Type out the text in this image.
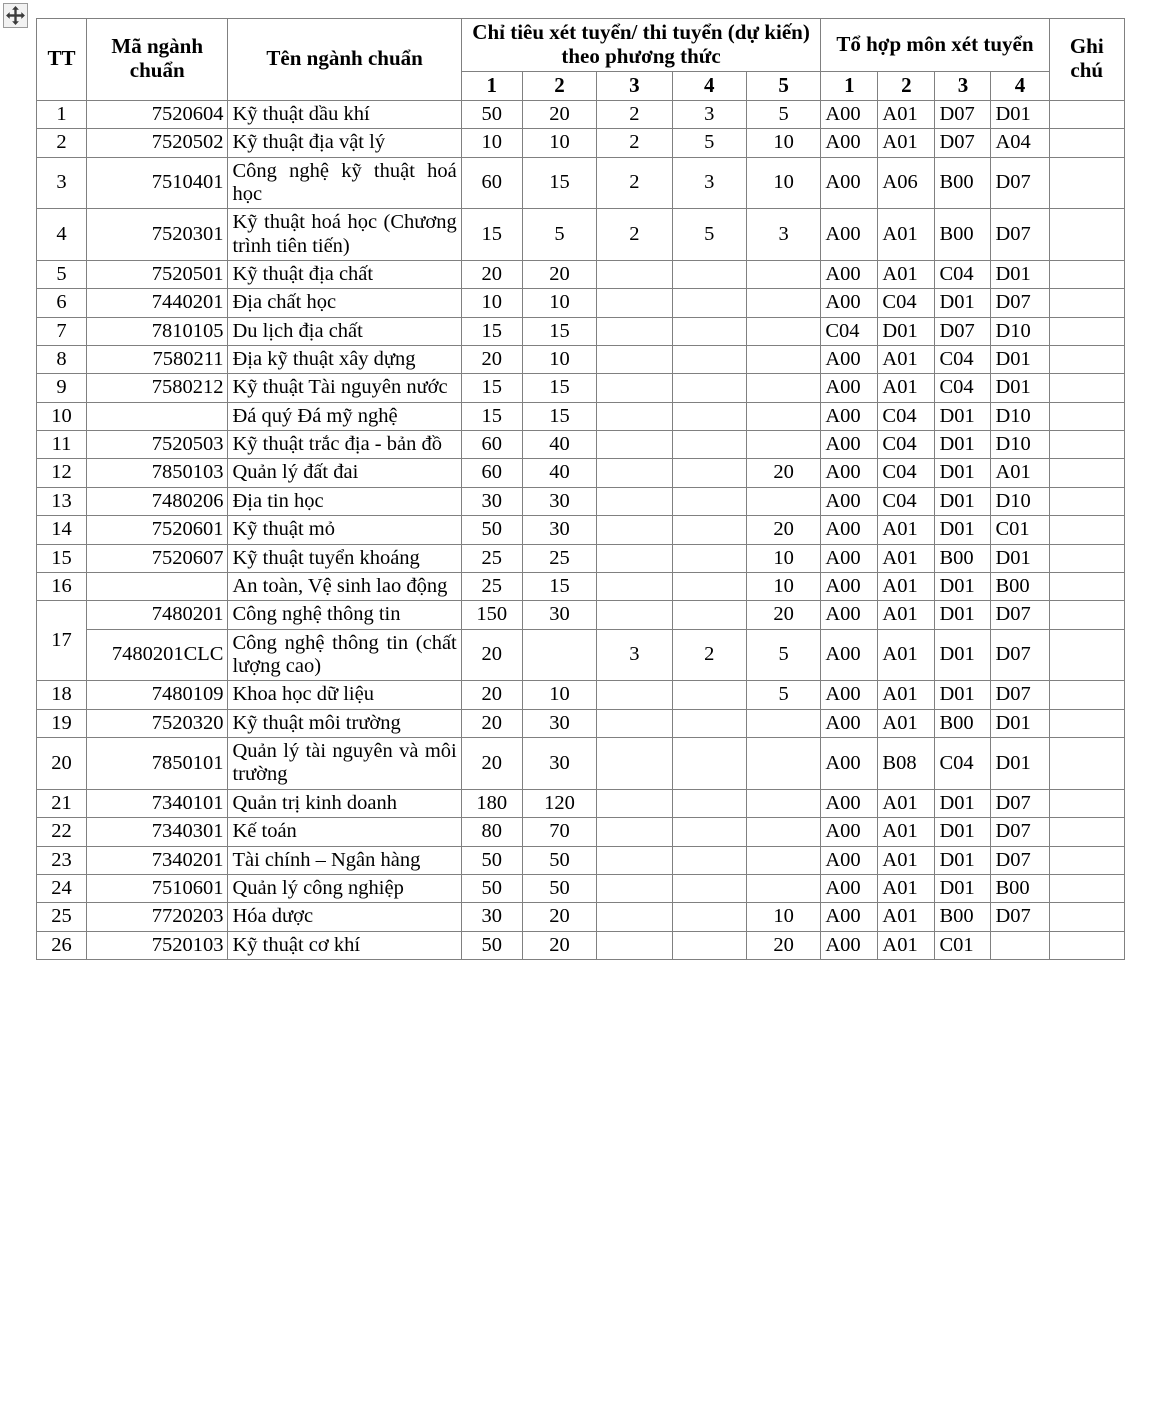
TT	Mã ngành chuẩn	Tên ngành chuẩn	Chỉ tiêu xét tuyển/ thi tuyển (dự kiến) theo phương thức					Tổ hợp môn xét tuyển				Ghi chú
			1	2	3	4	5	1	2	3	4	
1	7520604	Kỹ thuật dầu khí	50	20	2	3	5	A00	A01	D07	D01	
2	7520502	Kỹ thuật địa vật lý	10	10	2	5	10	A00	A01	D07	A04	
3	7510401	Công nghệ kỹ thuật hoá học	60	15	2	3	10	A00	A06	B00	D07	
4	7520301	Kỹ thuật hoá học (Chương trình tiên tiến)	15	5	2	5	3	A00	A01	B00	D07	
5	7520501	Kỹ thuật địa chất	20	20				A00	A01	C04	D01	
6	7440201	Địa chất học	10	10				A00	C04	D01	D07	
7	7810105	Du lịch địa chất	15	15				C04	D01	D07	D10	
8	7580211	Địa kỹ thuật xây dựng	20	10				A00	A01	C04	D01	
9	7580212	Kỹ thuật Tài nguyên nước	15	15				A00	A01	C04	D01	
10		Đá quý Đá mỹ nghệ	15	15				A00	C04	D01	D10	
11	7520503	Kỹ thuật trắc địa - bản đồ	60	40				A00	C04	D01	D10	
12	7850103	Quản lý đất đai	60	40			20	A00	C04	D01	A01	
13	7480206	Địa tin học	30	30				A00	C04	D01	D10	
14	7520601	Kỹ thuật mỏ	50	30			20	A00	A01	D01	C01	
15	7520607	Kỹ thuật tuyển khoáng	25	25			10	A00	A01	B00	D01	
16		An toàn, Vệ sinh lao động	25	15			10	A00	A01	D01	B00	
17	7480201	Công nghệ thông tin	150	30			20	A00	A01	D01	D07	
	7480201CLC	Công nghệ thông tin (chất lượng cao)	20		3	2	5	A00	A01	D01	D07	
18	7480109	Khoa học dữ liệu	20	10			5	A00	A01	D01	D07	
19	7520320	Kỹ thuật môi trường	20	30				A00	A01	B00	D01	
20	7850101	Quản lý tài nguyên và môi trường	20	30				A00	B08	C04	D01	
21	7340101	Quản trị kinh doanh	180	120				A00	A01	D01	D07	
22	7340301	Kế toán	80	70				A00	A01	D01	D07	
23	7340201	Tài chính – Ngân hàng	50	50				A00	A01	D01	D07	
24	7510601	Quản lý công nghiệp	50	50				A00	A01	D01	B00	
25	7720203	Hóa dược	30	20			10	A00	A01	B00	D07	
26	7520103	Kỹ thuật cơ khí	50	20			20	A00	A01	C01		
